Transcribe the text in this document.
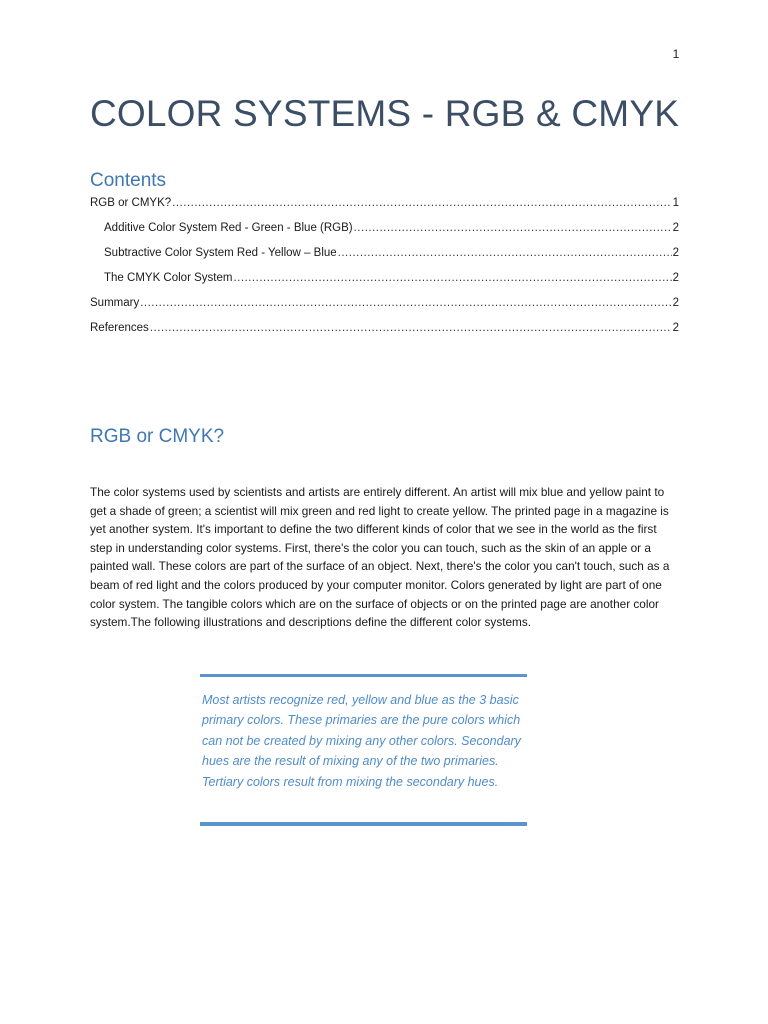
1
COLOR SYSTEMS - RGB & CMYK
Contents
RGB or CMYK? .....	1
Additive Color System Red - Green - Blue (RGB) .....	2
Subtractive Color System Red - Yellow – Blue .....	2
The CMYK Color System .....	2
Summary .....	2
References .....	2
RGB or CMYK?

The color systems used by scientists and artists are entirely different. An artist will mix blue and yellow paint to get a shade of green; a scientist will mix green and red light to create yellow. The printed page in a magazine is yet another system. It's important to define the two different kinds of color that we see in the world as the first step in understanding color systems. First, there's the color you can touch, such as the skin of an apple or a painted wall. These colors are part of the surface of an object. Next, there's the color you can't touch, such as a beam of red light and the colors produced by your computer monitor. Colors generated by light are part of one color system. The tangible colors which are on the surface of objects or on the printed page are another color system.The following illustrations and descriptions define the different color systems.

Most artists recognize red, yellow and blue as the 3 basic primary colors. These primaries are the pure colors which can not be created by mixing any other colors. Secondary hues are the result of mixing any of the two primaries. Tertiary colors result from mixing the secondary hues.
